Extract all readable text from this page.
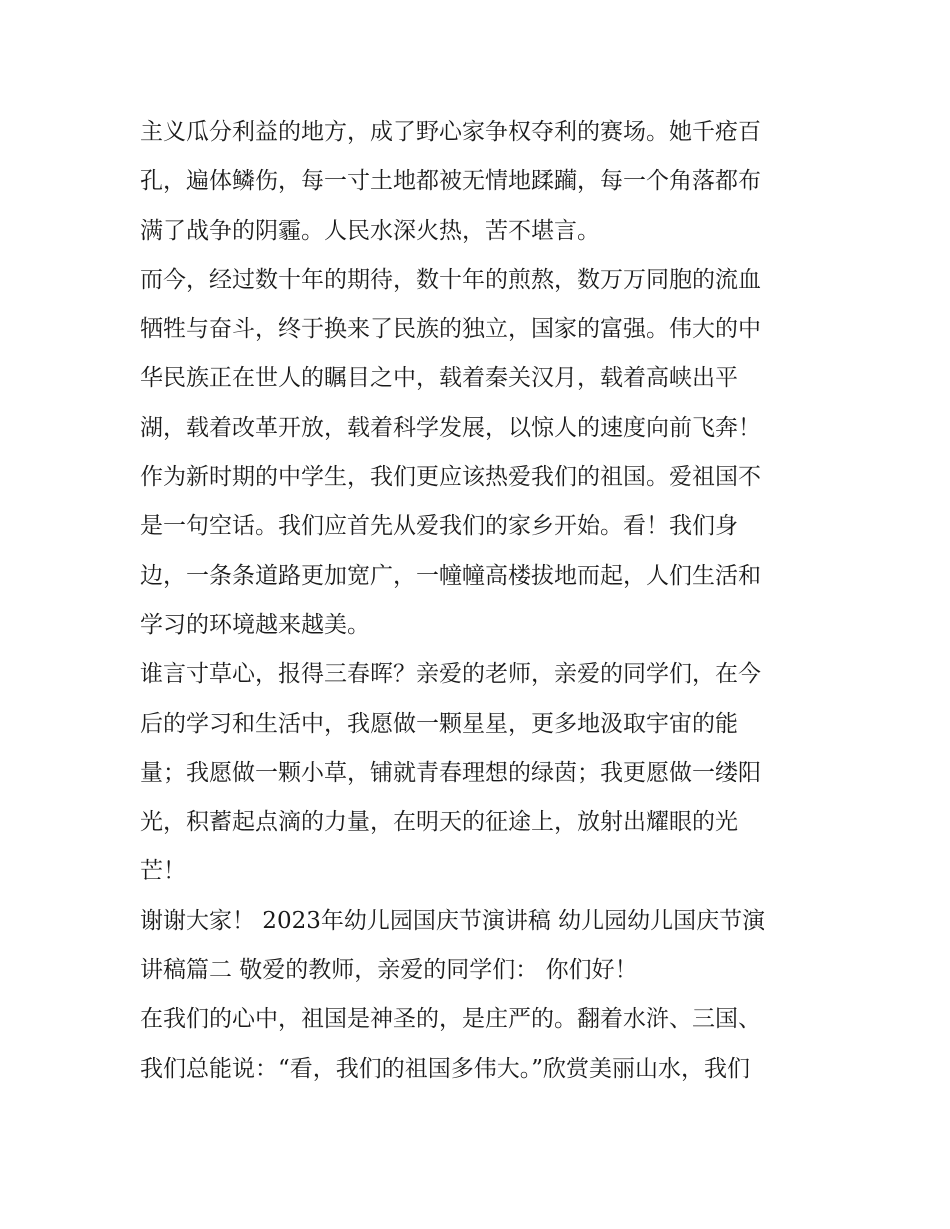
主义瓜分利益的地方，成了野心家争权夺利的赛场。她千疮百
孔，遍体鳞伤，每一寸土地都被无情地蹂躏，每一个角落都布
满了战争的阴霾。人民水深火热，苦不堪言。
而今，经过数十年的期待，数十年的煎熬，数万万同胞的流血
牺牲与奋斗，终于换来了民族的独立，国家的富强。伟大的中
华民族正在世人的瞩目之中，载着秦关汉月，载着高峡出平
湖，载着改革开放，载着科学发展，以惊人的速度向前飞奔！
作为新时期的中学生，我们更应该热爱我们的祖国。爱祖国不
是一句空话。我们应首先从爱我们的家乡开始。看！我们身
边，一条条道路更加宽广，一幢幢高楼拔地而起，人们生活和
学习的环境越来越美。
谁言寸草心，报得三春晖？亲爱的老师，亲爱的同学们，在今
后的学习和生活中，我愿做一颗星星，更多地汲取宇宙的能
量；我愿做一颗小草，铺就青春理想的绿茵；我更愿做一缕阳
光，积蓄起点滴的力量，在明天的征途上，放射出耀眼的光
芒！
谢谢大家！ 2023年幼儿园国庆节演讲稿 幼儿园幼儿国庆节演
讲稿篇二 敬爱的教师，亲爱的同学们： 你们好！
在我们的心中，祖国是神圣的，是庄严的。翻着水浒、三国、
我们总能说：“看，我们的祖国多伟大。”欣赏美丽山水，我们
